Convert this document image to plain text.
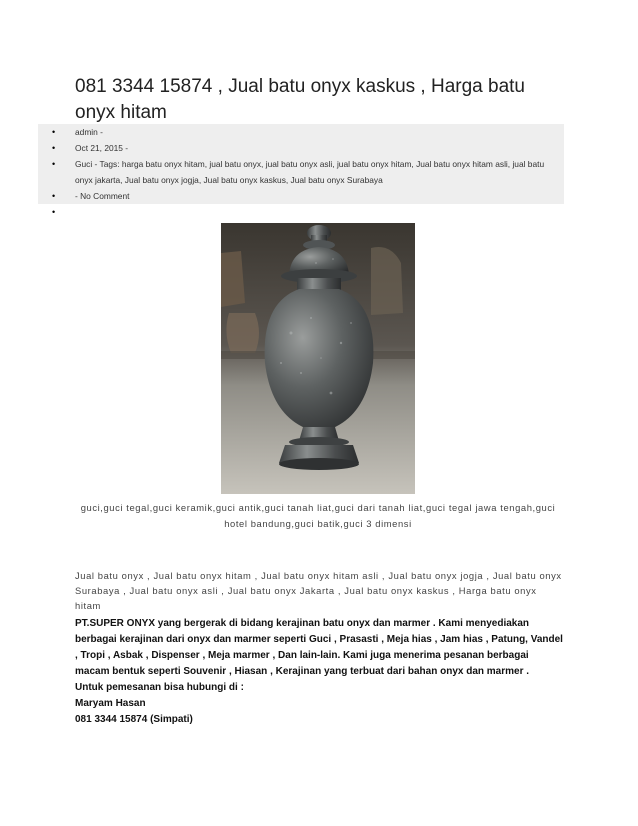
081 3344 15874 , Jual batu onyx kaskus , Harga batu onyx hitam
• admin -
• Oct 21, 2015 -
• Guci - Tags: harga batu onyx hitam, jual batu onyx, jual batu onyx asli, jual batu onyx hitam, Jual batu onyx hitam asli, jual batu onyx jakarta, Jual batu onyx jogja, Jual batu onyx kaskus, Jual batu onyx Surabaya
• - No Comment
•
guci,guci tegal,guci keramik,guci antik,guci tanah liat,guci dari tanah liat,guci tegal jawa tengah,guci hotel bandung,guci batik,guci 3 dimensi
Jual batu onyx , Jual batu onyx hitam , Jual batu onyx hitam asli , Jual batu onyx jogja , Jual batu onyx Surabaya , Jual batu onyx asli , Jual batu onyx Jakarta , Jual batu onyx kaskus , Harga batu onyx hitam
PT.SUPER ONYX yang bergerak di bidang kerajinan batu onyx dan marmer . Kami menyediakan berbagai kerajinan dari onyx dan marmer seperti Guci , Prasasti , Meja hias , Jam hias , Patung, Vandel , Tropi , Asbak , Dispenser , Meja marmer , Dan lain-lain. Kami juga menerima pesanan berbagai macam bentuk seperti Souvenir , Hiasan , Kerajinan yang terbuat dari bahan onyx dan marmer .
Untuk pemesanan bisa hubungi di :
Maryam Hasan
081 3344 15874 (Simpati)
